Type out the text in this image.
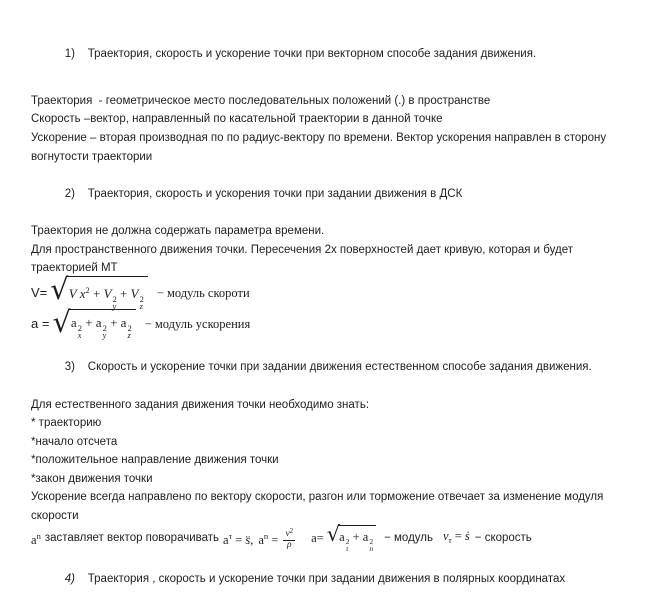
1) Траектория, скорость и ускорение точки при векторном способе задания движения.

Траектория  - геометрическое место последовательных положений (.) в пространстве
Скорость –вектор, направленный по касательной траектории в данной точке
Ускорение – вторая производная по по радиус-вектору по времени. Вектор ускорения направлен в сторону
вогнутости траектории

2) Траектория, скорость и ускорения точки при задании движения в ДСК

Траектория не должна содержать параметра времени.
Для пространственного движения точки. Пересечения 2х поверхностей дает кривую, которая и будет
траекторией МТ
V= √ V $x^2 + V$ 2
y
+ V 2
z
− модуль скороти
a = √ a 2
x
+ a 2
y
+ a 2
z
− модуль ускорения

3) Скорость и ускорение точки при задании движения естественном способе задания движения.

Для естественного задания движения точки необходимо знать:
* траекторию
*начало отсчета
*положительное направление движения точки
*закон движения точки
Ускорение всегда направлено по вектору скорости, разгон или торможение отвечает за изменение модуля
скорости
$a^n$ заставляет вектор поворачивать $a^\tau$ = s̈, $a^n = \frac{v^2}{\rho} a=$ √ a 2
τ
+ a 2
n
− модуль $v_\tau$ = ṡ − скорость

4) Траектория , скорость и ускорение точки при задании движения в полярных координатах
